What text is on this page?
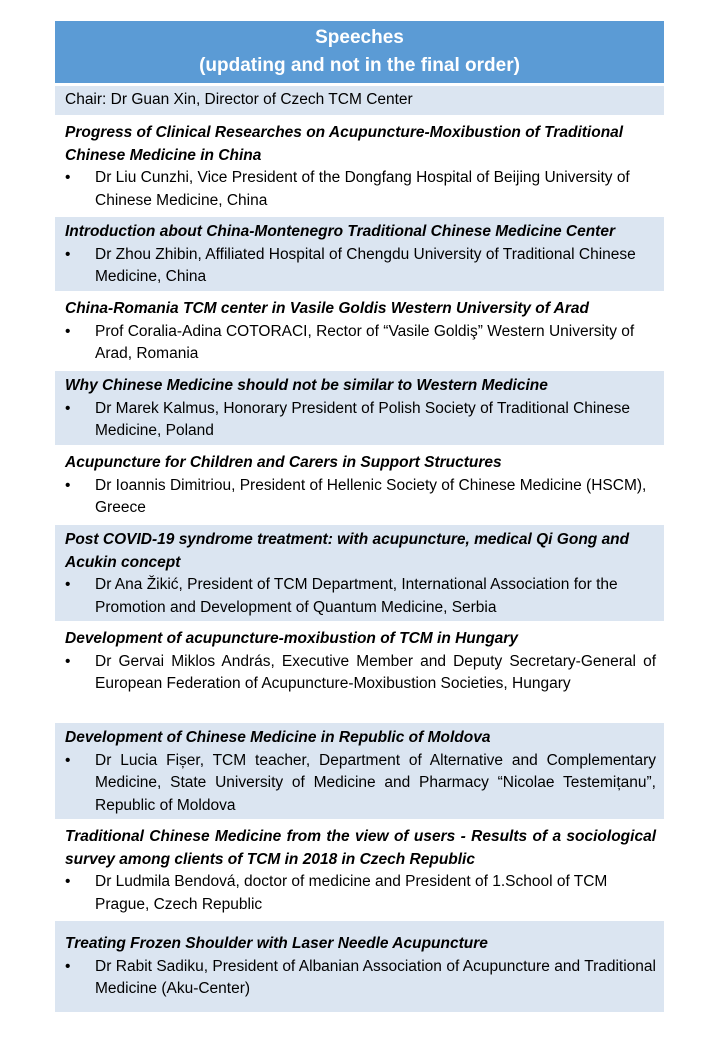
Speeches
(updating and not in the final order)
Chair: Dr Guan Xin, Director of Czech TCM Center
Progress of Clinical Researches on Acupuncture-Moxibustion of Traditional Chinese Medicine in China
• Dr Liu Cunzhi, Vice President of the Dongfang Hospital of Beijing University of Chinese Medicine, China
Introduction about China-Montenegro Traditional Chinese Medicine Center
• Dr Zhou Zhibin, Affiliated Hospital of Chengdu University of Traditional Chinese Medicine, China
China-Romania TCM center in Vasile Goldis Western University of Arad
• Prof Coralia-Adina COTORACI, Rector of “Vasile Goldiş” Western University of Arad, Romania
Why Chinese Medicine should not be similar to Western Medicine
• Dr Marek Kalmus, Honorary President of Polish Society of Traditional Chinese Medicine, Poland
Acupuncture for Children and Carers in Support Structures
• Dr Ioannis Dimitriou, President of Hellenic Society of Chinese Medicine (HSCM), Greece
Post COVID-19 syndrome treatment: with acupuncture, medical Qi Gong and Acukin concept
• Dr Ana Žikić, President of TCM Department, International Association for the Promotion and Development of Quantum Medicine, Serbia
Development of acupuncture-moxibustion of TCM in Hungary
• Dr Gervai Miklos András, Executive Member and Deputy Secretary-General of European Federation of Acupuncture-Moxibustion Societies, Hungary
Development of Chinese Medicine in Republic of Moldova
• Dr Lucia Fișer, TCM teacher, Department of Alternative and Complementary Medicine, State University of Medicine and Pharmacy “Nicolae Testemițanu”, Republic of Moldova
Traditional Chinese Medicine from the view of users - Results of a sociological survey among clients of TCM in 2018 in Czech Republic
• Dr Ludmila Bendová, doctor of medicine and President of 1.School of TCM Prague, Czech Republic
Treating Frozen Shoulder with Laser Needle Acupuncture
• Dr Rabit Sadiku, President of Albanian Association of Acupuncture and Traditional Medicine (Aku-Center)
